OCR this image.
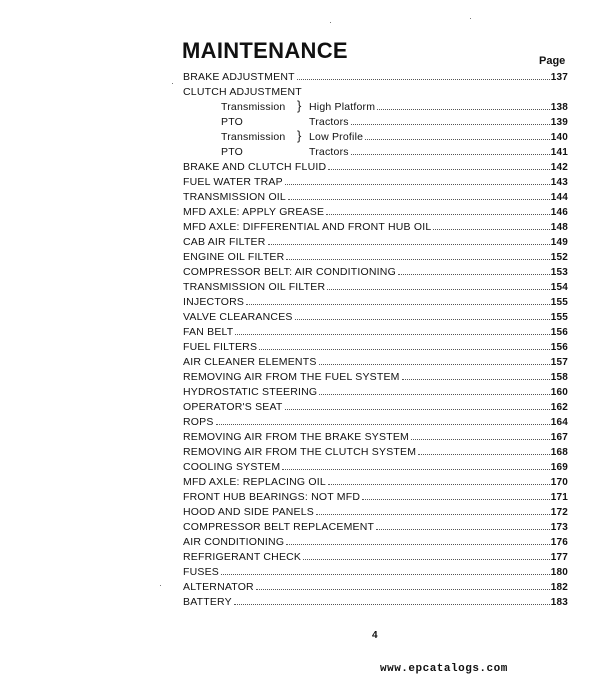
MAINTENANCE	Page
BRAKE ADJUSTMENT	137
CLUTCH ADJUSTMENT
Transmission } High Platform	138
PTO	Tractors	139
Transmission } Low Profile	140
PTO	Tractors	141
BRAKE AND CLUTCH FLUID	142
FUEL WATER TRAP	143
TRANSMISSION OIL	144
MFD AXLE: APPLY GREASE	146
MFD AXLE: DIFFERENTIAL AND FRONT HUB OIL	148
CAB AIR FILTER	149
ENGINE OIL FILTER	152
COMPRESSOR BELT: AIR CONDITIONING	153
TRANSMISSION OIL FILTER	154
INJECTORS	155
VALVE CLEARANCES	155
FAN BELT	156
FUEL FILTERS	156
AIR CLEANER ELEMENTS	157
REMOVING AIR FROM THE FUEL SYSTEM	158
HYDROSTATIC STEERING	160
OPERATOR'S SEAT	162
ROPS	164
REMOVING AIR FROM THE BRAKE SYSTEM	167
REMOVING AIR FROM THE CLUTCH SYSTEM	168
COOLING SYSTEM	169
MFD AXLE: REPLACING OIL	170
FRONT HUB BEARINGS: NOT MFD	171
HOOD AND SIDE PANELS	172
COMPRESSOR BELT REPLACEMENT	173
AIR CONDITIONING	176
REFRIGERANT CHECK	177
FUSES	180
ALTERNATOR	182
BATTERY	183
4
www.epcatalogs.com
